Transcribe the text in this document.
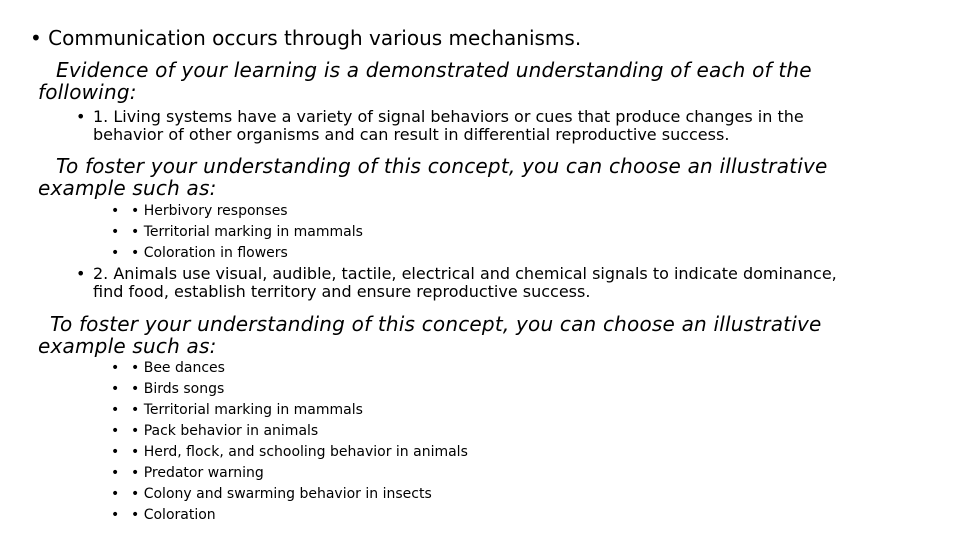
• Communication occurs through various mechanisms.
Evidence of your learning is a demonstrated understanding of each of the
following:
• 1. Living systems have a variety of signal behaviors or cues that produce changes in the
behavior of other organisms and can result in differential reproductive success.
To foster your understanding of this concept, you can choose an illustrative
example such as:
• • Herbivory responses
• • Territorial marking in mammals
• • Coloration in flowers
• 2. Animals use visual, audible, tactile, electrical and chemical signals to indicate dominance,
find food, establish territory and ensure reproductive success.
To foster your understanding of this concept, you can choose an illustrative
example such as:
• • Bee dances
• • Birds songs
• • Territorial marking in mammals
• • Pack behavior in animals
• • Herd, flock, and schooling behavior in animals
• • Predator warning
• • Colony and swarming behavior in insects
• • Coloration
